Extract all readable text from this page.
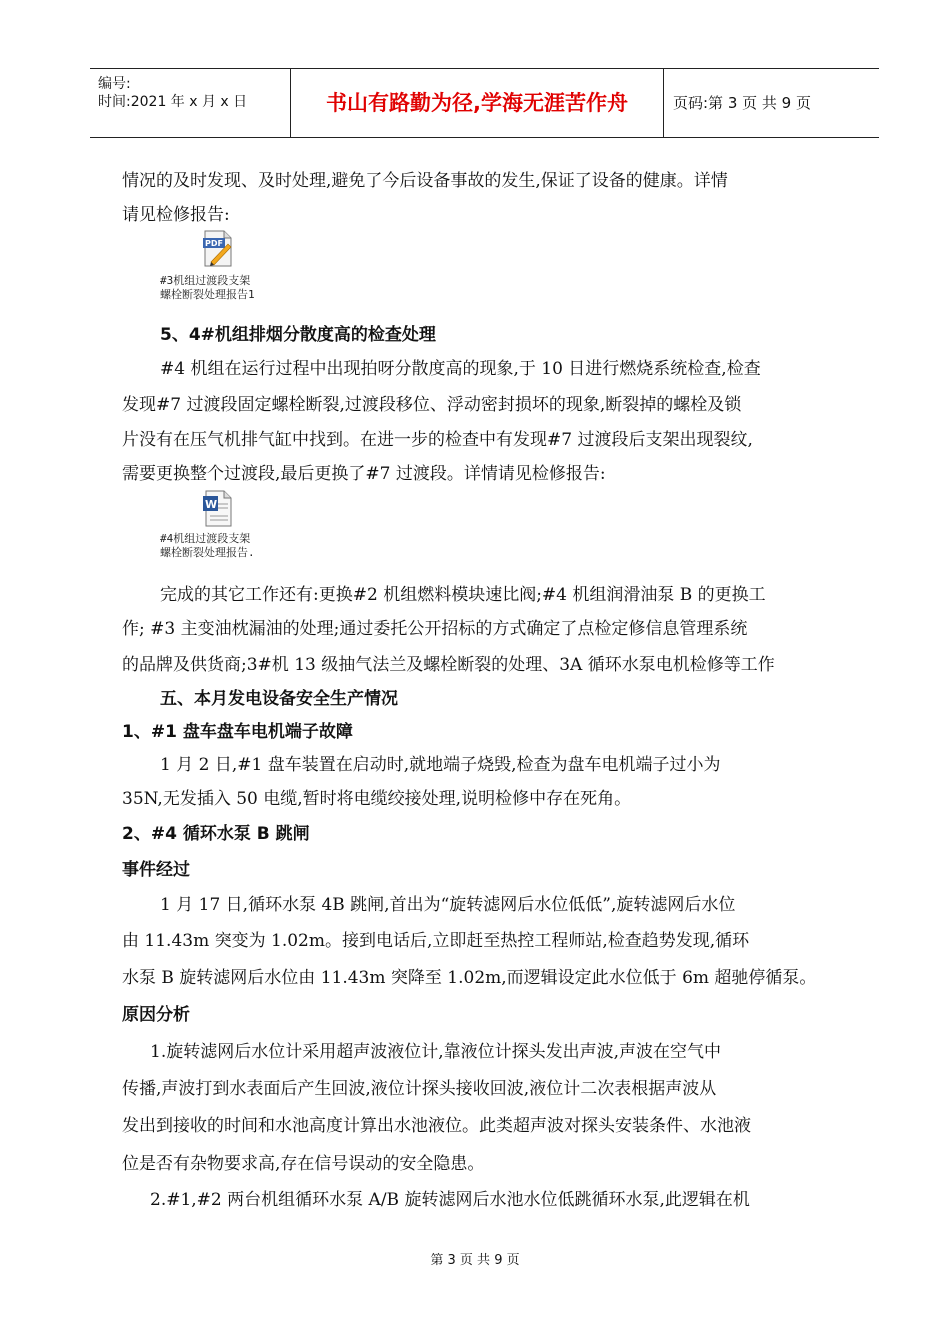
编号:
时间:2021 年 x 月 x 日	书山有路勤为径,学海无涯苦作舟	页码:第 3 页 共 9 页
情况的及时发现、及时处理,避免了今后设备事故的发生,保证了设备的健康。详情
请见检修报告:
PDF
#3机组过渡段支架
螺栓断裂处理报告1
5、4#机组排烟分散度高的检查处理
#4 机组在运行过程中出现拍呀分散度高的现象,于 10 日进行燃烧系统检查,检查
发现#7 过渡段固定螺栓断裂,过渡段移位、浮动密封损坏的现象,断裂掉的螺栓及锁
片没有在压气机排气缸中找到。在进一步的检查中有发现#7 过渡段后支架出现裂纹,
需要更换整个过渡段,最后更换了#7 过渡段。详情请见检修报告:
W
#4机组过渡段支架
螺栓断裂处理报告.
完成的其它工作还有:更换#2 机组燃料模块速比阀;#4 机组润滑油泵 B 的更换工
作; #3 主变油枕漏油的处理;通过委托公开招标的方式确定了点检定修信息管理系统
的品牌及供货商;3#机 13 级抽气法兰及螺栓断裂的处理、3A 循环水泵电机检修等工作
五、本月发电设备安全生产情况
1、#1 盘车盘车电机端子故障
1 月 2 日,#1 盘车装置在启动时,就地端子烧毁,检查为盘车电机端子过小为
35N,无发插入 50 电缆,暂时将电缆绞接处理,说明检修中存在死角。
2、#4 循环水泵 B 跳闸
事件经过
1 月 17 日,循环水泵 4B 跳闸,首出为“旋转滤网后水位低低”,旋转滤网后水位
由 11.43m 突变为 1.02m。接到电话后,立即赶至热控工程师站,检查趋势发现,循环
水泵 B 旋转滤网后水位由 11.43m 突降至 1.02m,而逻辑设定此水位低于 6m 超驰停循泵。
原因分析
1.旋转滤网后水位计采用超声波液位计,靠液位计探头发出声波,声波在空气中
传播,声波打到水表面后产生回波,液位计探头接收回波,液位计二次表根据声波从
发出到接收的时间和水池高度计算出水池液位。此类超声波对探头安装条件、水池液
位是否有杂物要求高,存在信号误动的安全隐患。
2.#1,#2 两台机组循环水泵 A/B 旋转滤网后水池水位低跳循环水泵,此逻辑在机
第 3 页 共 9 页
